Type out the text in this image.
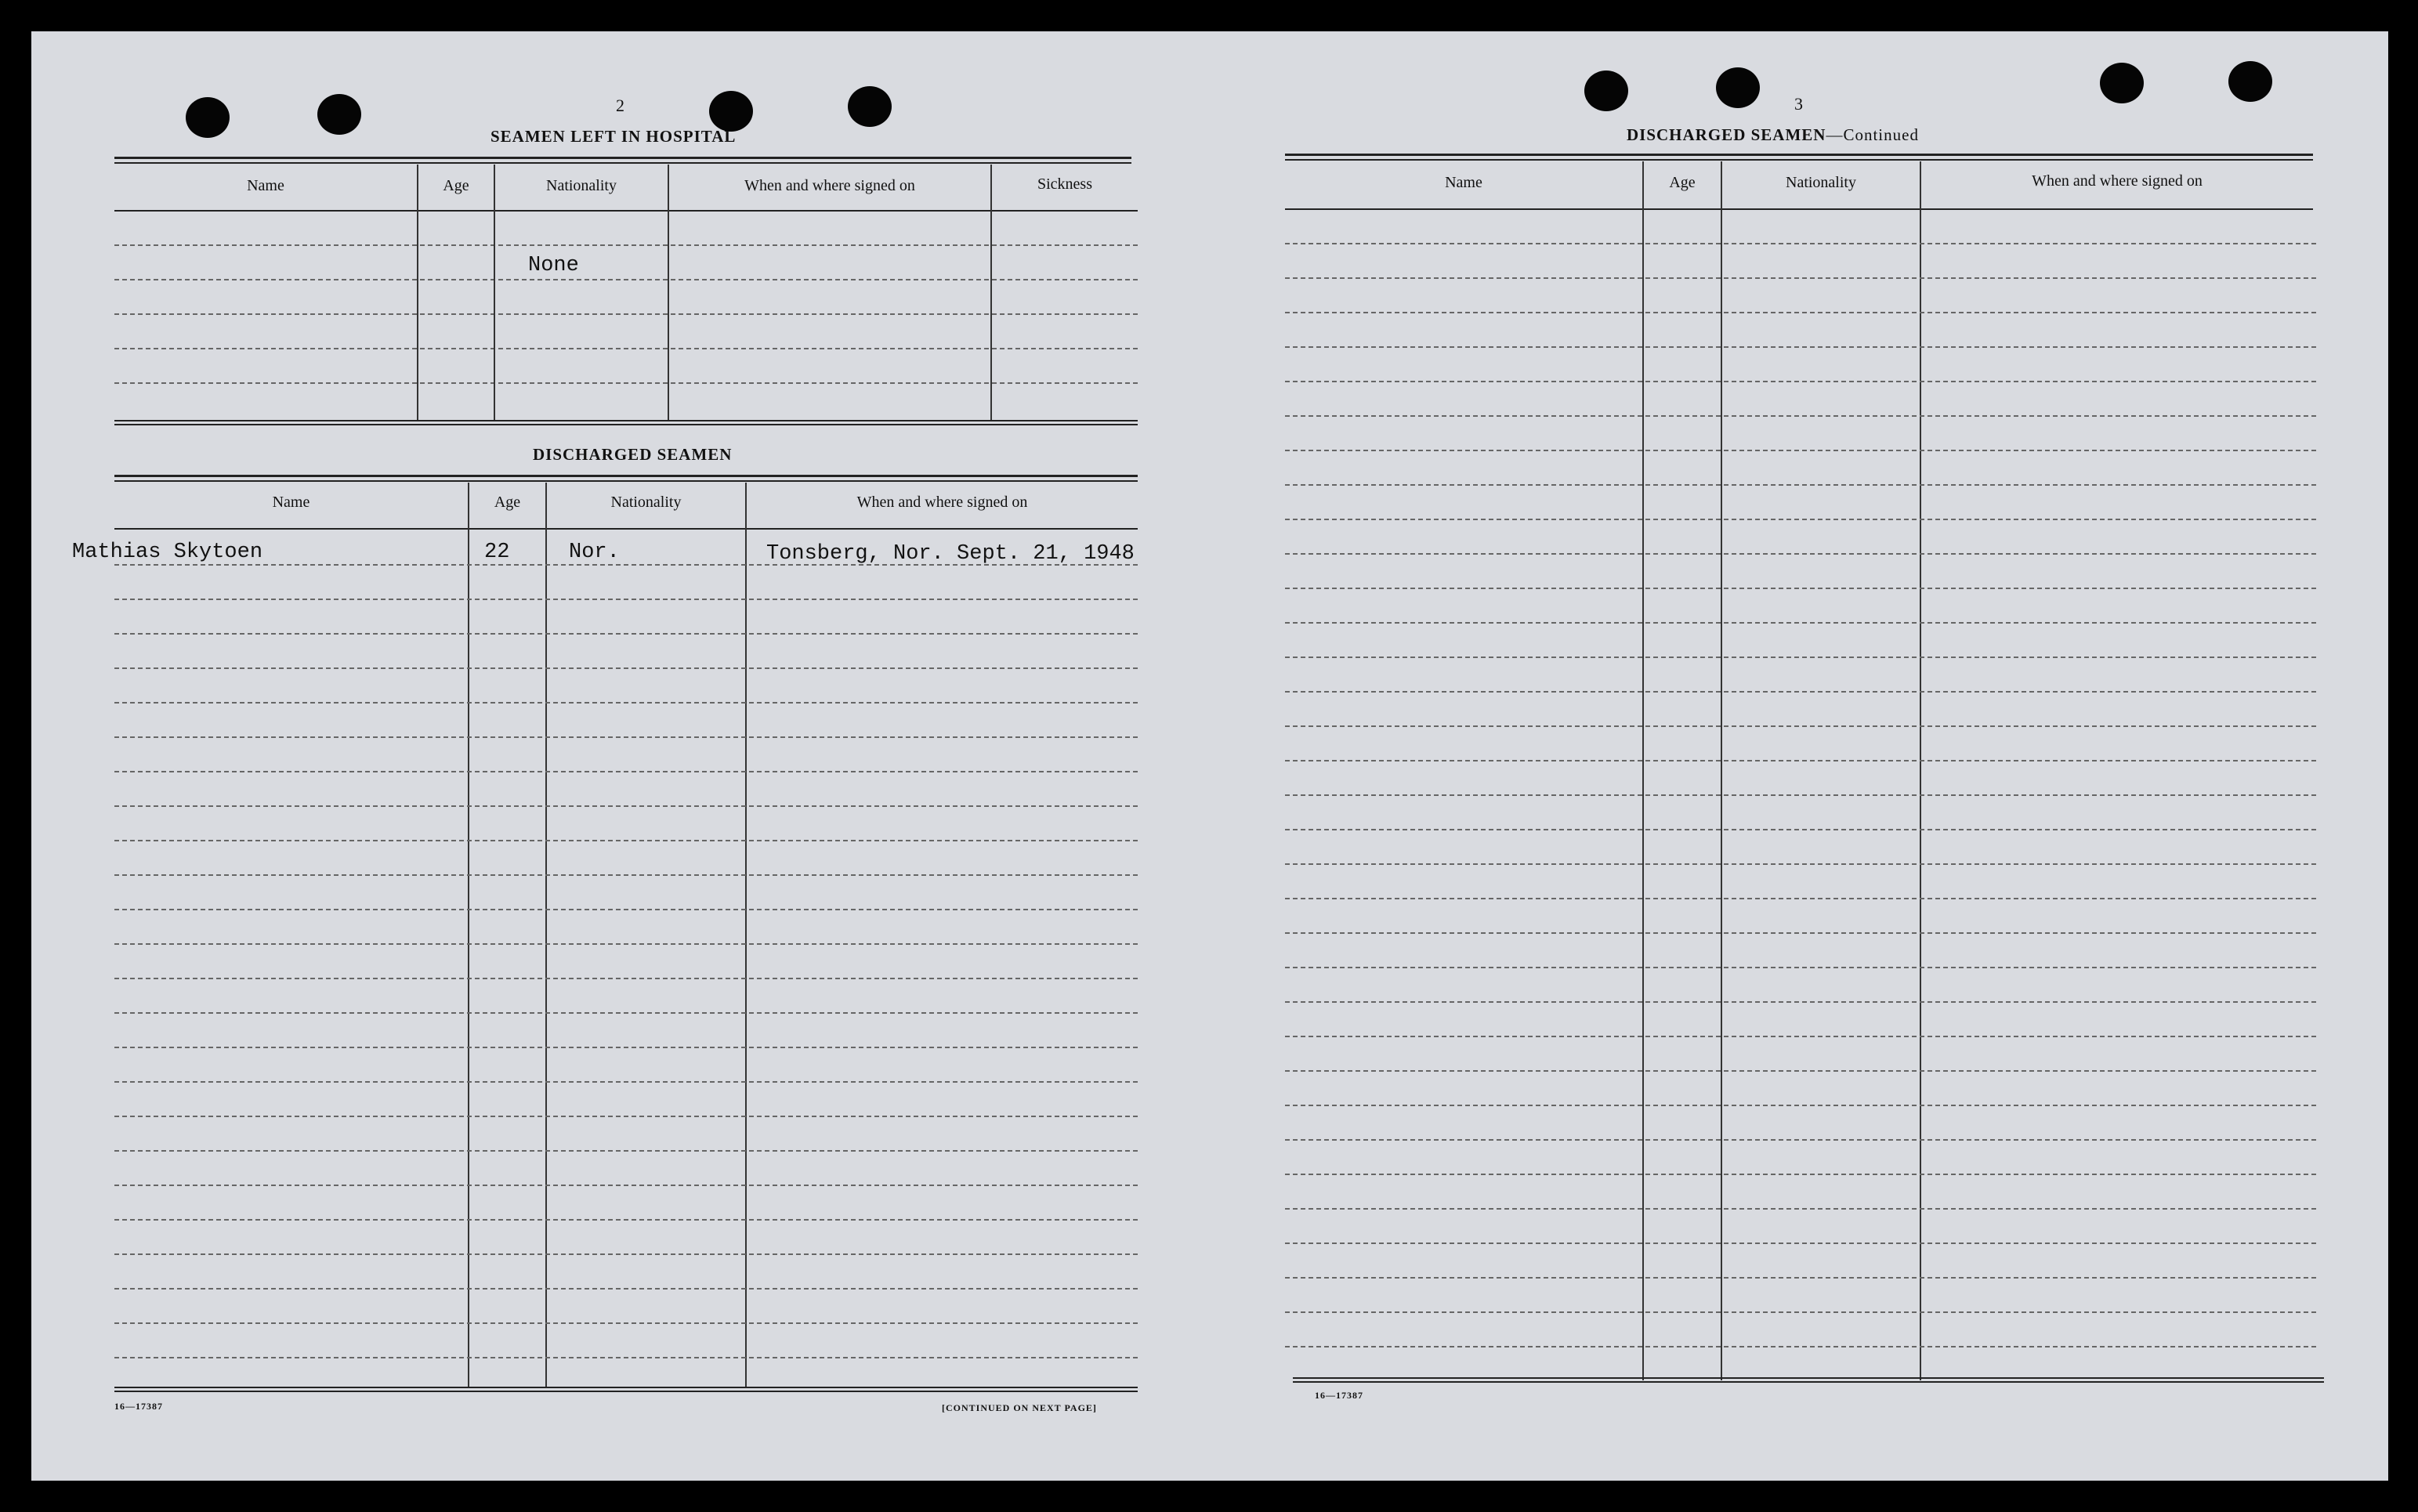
2
SEAMEN LEFT IN HOSPITAL
Name	Age	Nationality	When and where signed on	Sickness
None
DISCHARGED SEAMEN
Name	Age	Nationality	When and where signed on
Mathias Skytoen	22	Nor.	Tonsberg, Nor. Sept. 21, 1948
16—17387	[CONTINUED ON NEXT PAGE]
3
DISCHARGED SEAMEN—Continued
Name	Age	Nationality	When and where signed on
16—17387
